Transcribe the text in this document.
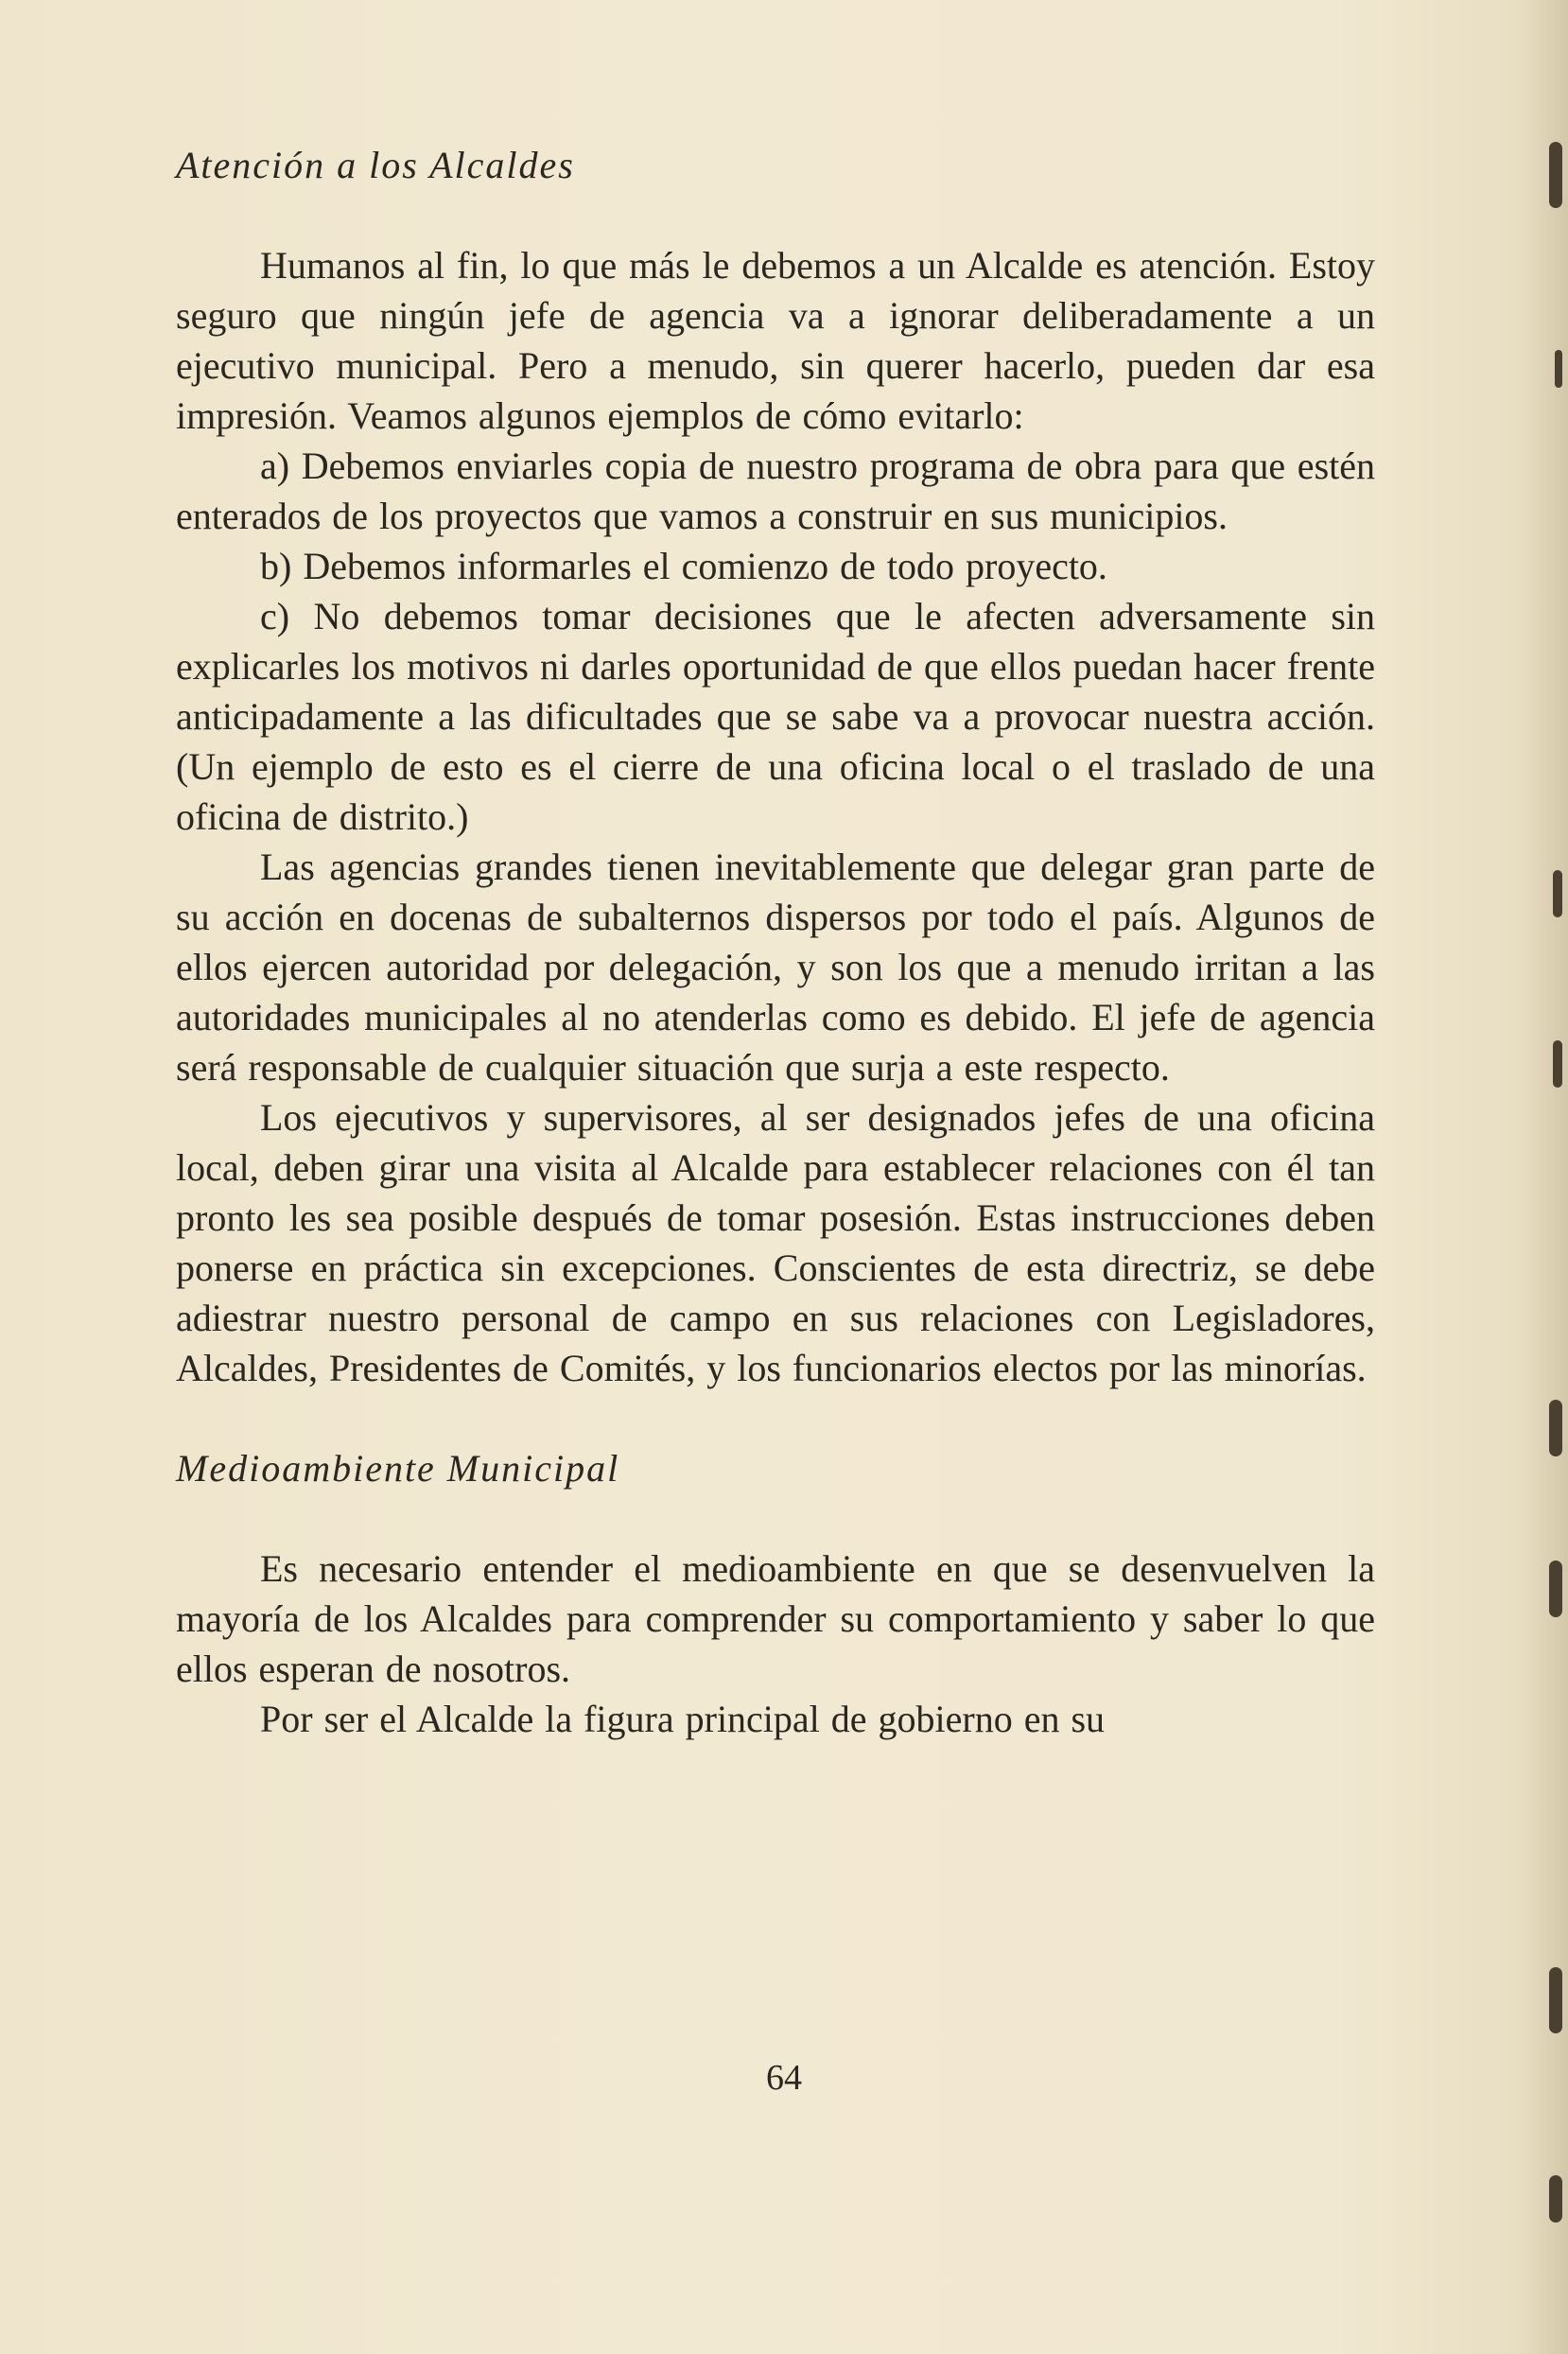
Atención a los Alcaldes

Humanos al fin, lo que más le debemos a un Alcalde es atención. Estoy seguro que ningún jefe de agencia va a ignorar deliberadamente a un ejecutivo municipal. Pero a menudo, sin querer hacerlo, pueden dar esa impresión. Veamos algunos ejemplos de cómo evitarlo:

a) Debemos enviarles copia de nuestro programa de obra para que estén enterados de los proyectos que vamos a construir en sus municipios.

b) Debemos informarles el comienzo de todo proyecto.

c) No debemos tomar decisiones que le afecten adversamente sin explicarles los motivos ni darles oportunidad de que ellos puedan hacer frente anticipadamente a las dificultades que se sabe va a provocar nuestra acción. (Un ejemplo de esto es el cierre de una oficina local o el traslado de una oficina de distrito.)

Las agencias grandes tienen inevitablemente que delegar gran parte de su acción en docenas de subalternos dispersos por todo el país. Algunos de ellos ejercen autoridad por delegación, y son los que a menudo irritan a las autoridades municipales al no atenderlas como es debido. El jefe de agencia será responsable de cualquier situación que surja a este respecto.

Los ejecutivos y supervisores, al ser designados jefes de una oficina local, deben girar una visita al Alcalde para establecer relaciones con él tan pronto les sea posible después de tomar posesión. Estas instrucciones deben ponerse en práctica sin excepciones. Conscientes de esta directriz, se debe adiestrar nuestro personal de campo en sus relaciones con Legisladores, Alcaldes, Presidentes de Comités, y los funcionarios electos por las minorías.

Medioambiente Municipal

Es necesario entender el medioambiente en que se desenvuelven la mayoría de los Alcaldes para comprender su comportamiento y saber lo que ellos esperan de nosotros.

Por ser el Alcalde la figura principal de gobierno en su

64
